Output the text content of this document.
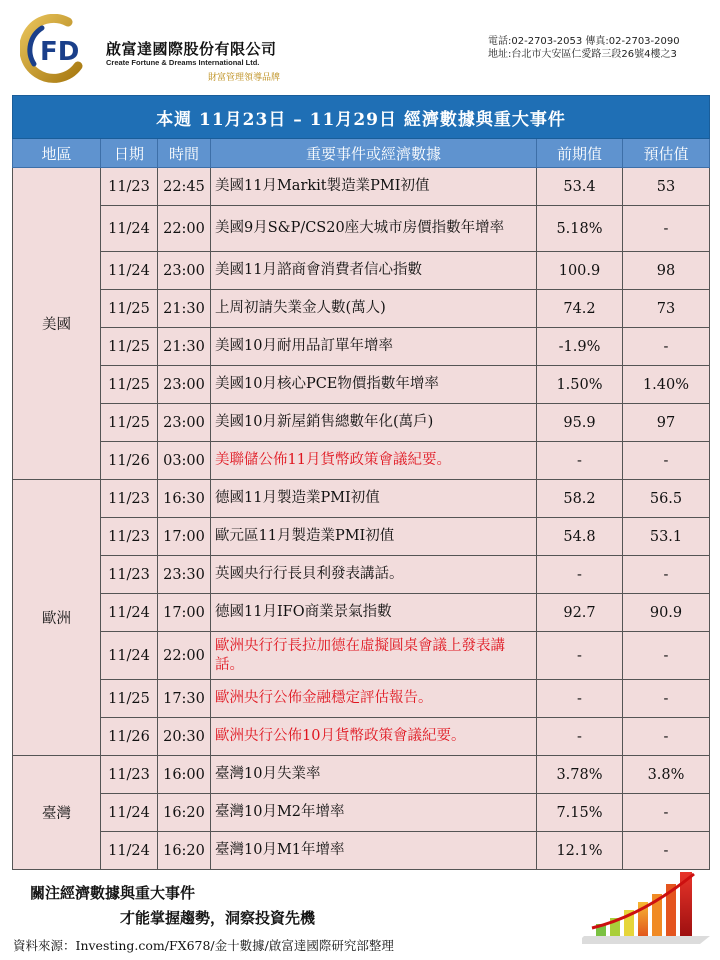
FD 啟富達國際股份有限公司
Create Fortune & Dreams International Ltd.
財富管理領導品牌
電話:02-2703-2053 傳真:02-2703-2090
地址:台北市大安區仁愛路三段26號4樓之3
本週 11月23日 – 11月29日 經濟數據與重大事件					
地區	日期	時間	重要事件或經濟數據	前期值	預估值
美國	11/23	22:45	美國11月Markit製造業PMI初值	53.4	53
	11/24	22:00	美國9月S&P/CS20座大城市房價指數年增率	5.18%	-
	11/24	23:00	美國11月諮商會消費者信心指數	100.9	98
	11/25	21:30	上周初請失業金人數(萬人)	74.2	73
	11/25	21:30	美國10月耐用品訂單年增率	-1.9%	-
	11/25	23:00	美國10月核心PCE物價指數年增率	1.50%	1.40%
	11/25	23:00	美國10月新屋銷售總數年化(萬戶)	95.9	97
	11/26	03:00	美聯儲公佈11月貨幣政策會議紀要。	-	-
歐洲	11/23	16:30	德國11月製造業PMI初值	58.2	56.5
	11/23	17:00	歐元區11月製造業PMI初值	54.8	53.1
	11/23	23:30	英國央行行長貝利發表講話。	-	-
	11/24	17:00	德國11月IFO商業景氣指數	92.7	90.9
	11/24	22:00	歐洲央行行長拉加德在虛擬圓桌會議上發表講話。	-	-
	11/25	17:30	歐洲央行公佈金融穩定評估報告。	-	-
	11/26	20:30	歐洲央行公佈10月貨幣政策會議紀要。	-	-
臺灣	11/23	16:00	臺灣10月失業率	3.78%	3.8%
	11/24	16:20	臺灣10月M2年增率	7.15%	-
	11/24	16:20	臺灣10月M1年增率	12.1%	-
關注經濟數據與重大事件
才能掌握趨勢，洞察投資先機
資料來源：Investing.com/FX678/金十數據/啟富達國際研究部整理
